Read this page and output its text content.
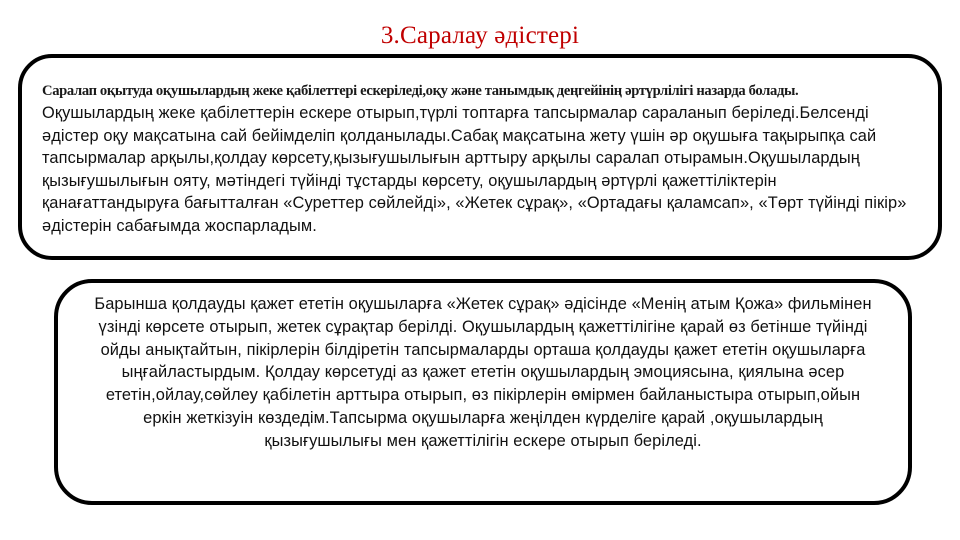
3.Саралау әдістері
Саралап оқытуда оқушылардың жеке қабілеттері ескеріледі,оқу және танымдық деңгейінің әртүрлілігі назарда болады.
Оқушылардың жеке қабілеттерін ескере отырып,түрлі топтарға тапсырмалар сараланып беріледі.Белсенді әдістер оқу мақсатына сай бейімделіп қолданылады.Сабақ мақсатына жету үшін әр оқушыға тақырыпқа сай тапсырмалар арқылы,қолдау көрсету,қызығушылығын арттыру арқылы саралап отырамын.Оқушылардың қызығушылығын ояту, мәтіндегі түйінді тұстарды көрсету, оқушылардың әртүрлі қажеттіліктерін қанағаттандыруға бағытталған «Суреттер сөйлейді», «Жетек сұрақ», «Ортадағы қаламсап», «Төрт түйінді пікір» әдістерін сабағымда жоспарладым.
Барынша қолдауды қажет ететін оқушыларға «Жетек сұрақ» әдісінде «Менің атым Қожа» фильмінен үзінді көрсете отырып, жетек сұрақтар берілді. Оқушылардың қажеттілігіне қарай өз бетінше түйінді ойды анықтайтын, пікірлерін білдіретін тапсырмаларды орташа қолдауды қажет ететін оқушыларға ыңғайластырдым. Қолдау көрсетуді аз қажет ететін оқушылардың эмоциясына, қиялына әсер ететін,ойлау,сөйлеу қабілетін арттыра отырып, өз пікірлерін өмірмен байланыстыра отырып,ойын еркін жеткізуін көздедім.Тапсырма оқушыларға жеңілден күрделіге қарай ,оқушылардың қызығушылығы мен қажеттілігін ескере отырып беріледі.
